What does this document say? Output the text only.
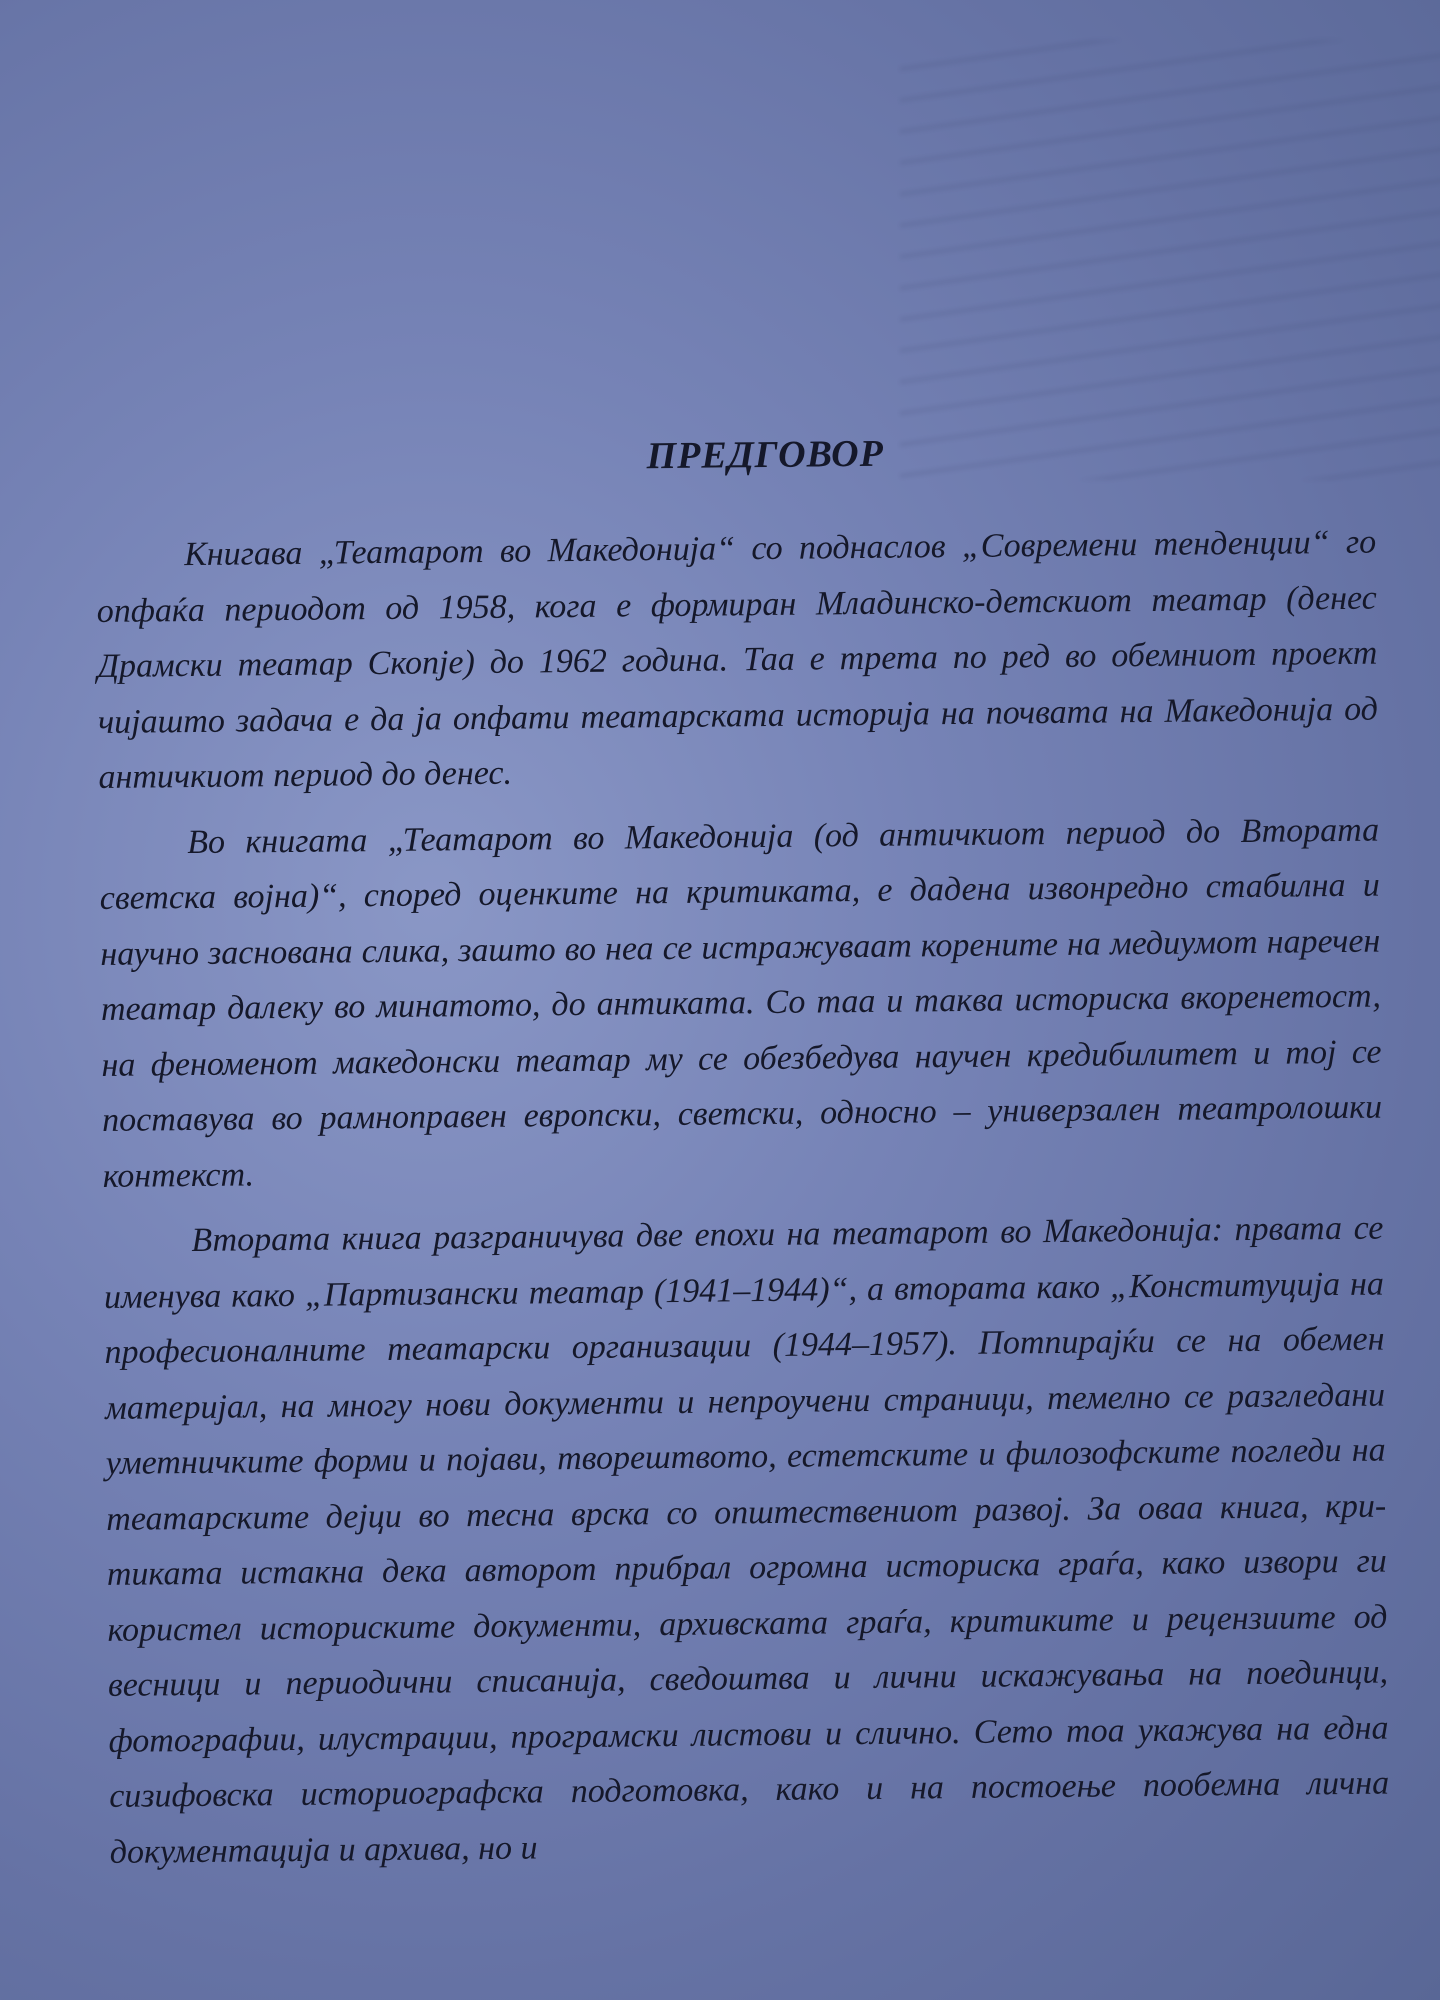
ПРЕДГОВОР

Книгава „Театарот во Македонија“ со поднаслов „Современи тенденции“ го опфаќа периодот од 1958, кога е формиран Младинско-детскиот театар (денес Драмски театар Скопје) до 1962 година. Таа е трета по ред во обемниот проект чијашто задача е да ја опфати театарската историја на почвата на Македонија од античкиот период до денес.

Во книгата „Театарот во Македонија (од античкиот период до Втората светска војна)“, според оценките на критиката, е дадена извонредно стабилна и научно заснована слика, зашто во неа се истражуваат корените на медиумот наречен театар далеку во минатото, до антиката. Со таа и таква историска вкоренетост, на феноменот македонски театар му се обезбедува научен кредибилитет и тој се поставува во рамноправен европски, светски, односно – универзален театролошки контекст.

Втората книга разграничува две епохи на театарот во Македонија: првата се именува како „Партизански театар (1941–1944)“, а втората како „Конституција на професионалните театарски организации (1944–1957). Потпирајќи се на обемен материјал, на многу нови документи и непроучени страници, темелно се разгледани уметничките форми и појави, творештвото, естетските и филозофските погледи на театарските дејци во тесна врска со општествениот развој. За оваа книга, критиката истакна дека авторот прибрал огромна историска граѓа, како извори ги користел историските документи, архивската граѓа, критиките и рецензиите од весници и периодични списанија, сведоштва и лични искажувања на поединци, фотографии, илустрации, програмски листови и слично. Сето тоа укажува на една сизифовска историографска подготовка, како и на постоење пообемна лична документација и архива, но и
